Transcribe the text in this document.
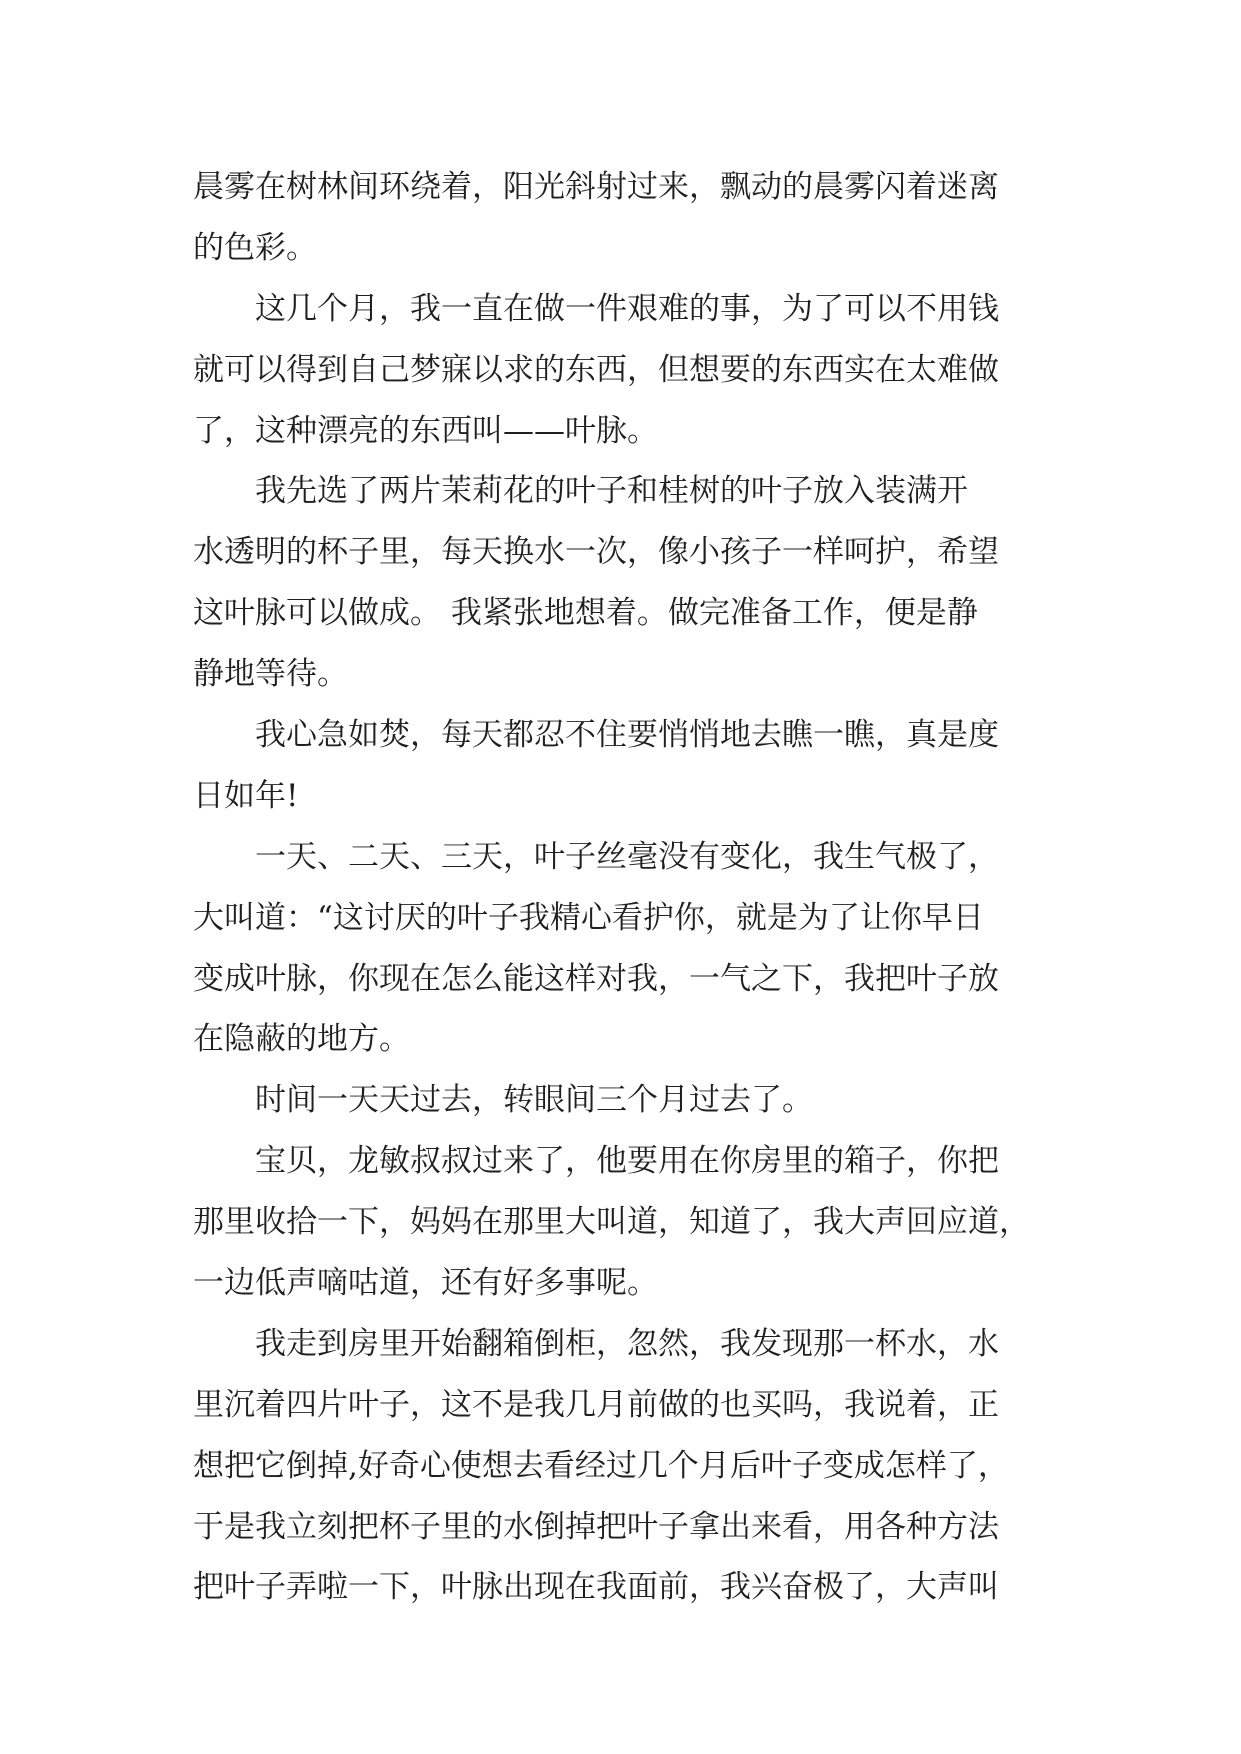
晨雾在树林间环绕着，阳光斜射过来，飘动的晨雾闪着迷离
的色彩。
　　这几个月，我一直在做一件艰难的事，为了可以不用钱
就可以得到自己梦寐以求的东西，但想要的东西实在太难做
了，这种漂亮的东西叫——叶脉。
　　我先选了两片茉莉花的叶子和桂树的叶子放入装满开
水透明的杯子里，每天换水一次，像小孩子一样呵护，希望
这叶脉可以做成。 我紧张地想着。做完准备工作，便是静
静地等待。
　　我心急如焚，每天都忍不住要悄悄地去瞧一瞧，真是度
日如年!
　　一天、二天、三天，叶子丝毫没有变化，我生气极了，
大叫道：“这讨厌的叶子我精心看护你，就是为了让你早日
变成叶脉，你现在怎么能这样对我，一气之下，我把叶子放
在隐蔽的地方。
　　时间一天天过去，转眼间三个月过去了。
　　宝贝，龙敏叔叔过来了，他要用在你房里的箱子，你把
那里收拾一下，妈妈在那里大叫道，知道了，我大声回应道，
一边低声嘀咕道，还有好多事呢。
　　我走到房里开始翻箱倒柜，忽然，我发现那一杯水，水
里沉着四片叶子，这不是我几月前做的也买吗，我说着，正
想把它倒掉,好奇心使想去看经过几个月后叶子变成怎样了，
于是我立刻把杯子里的水倒掉把叶子拿出来看，用各种方法
把叶子弄啦一下，叶脉出现在我面前，我兴奋极了，大声叫
